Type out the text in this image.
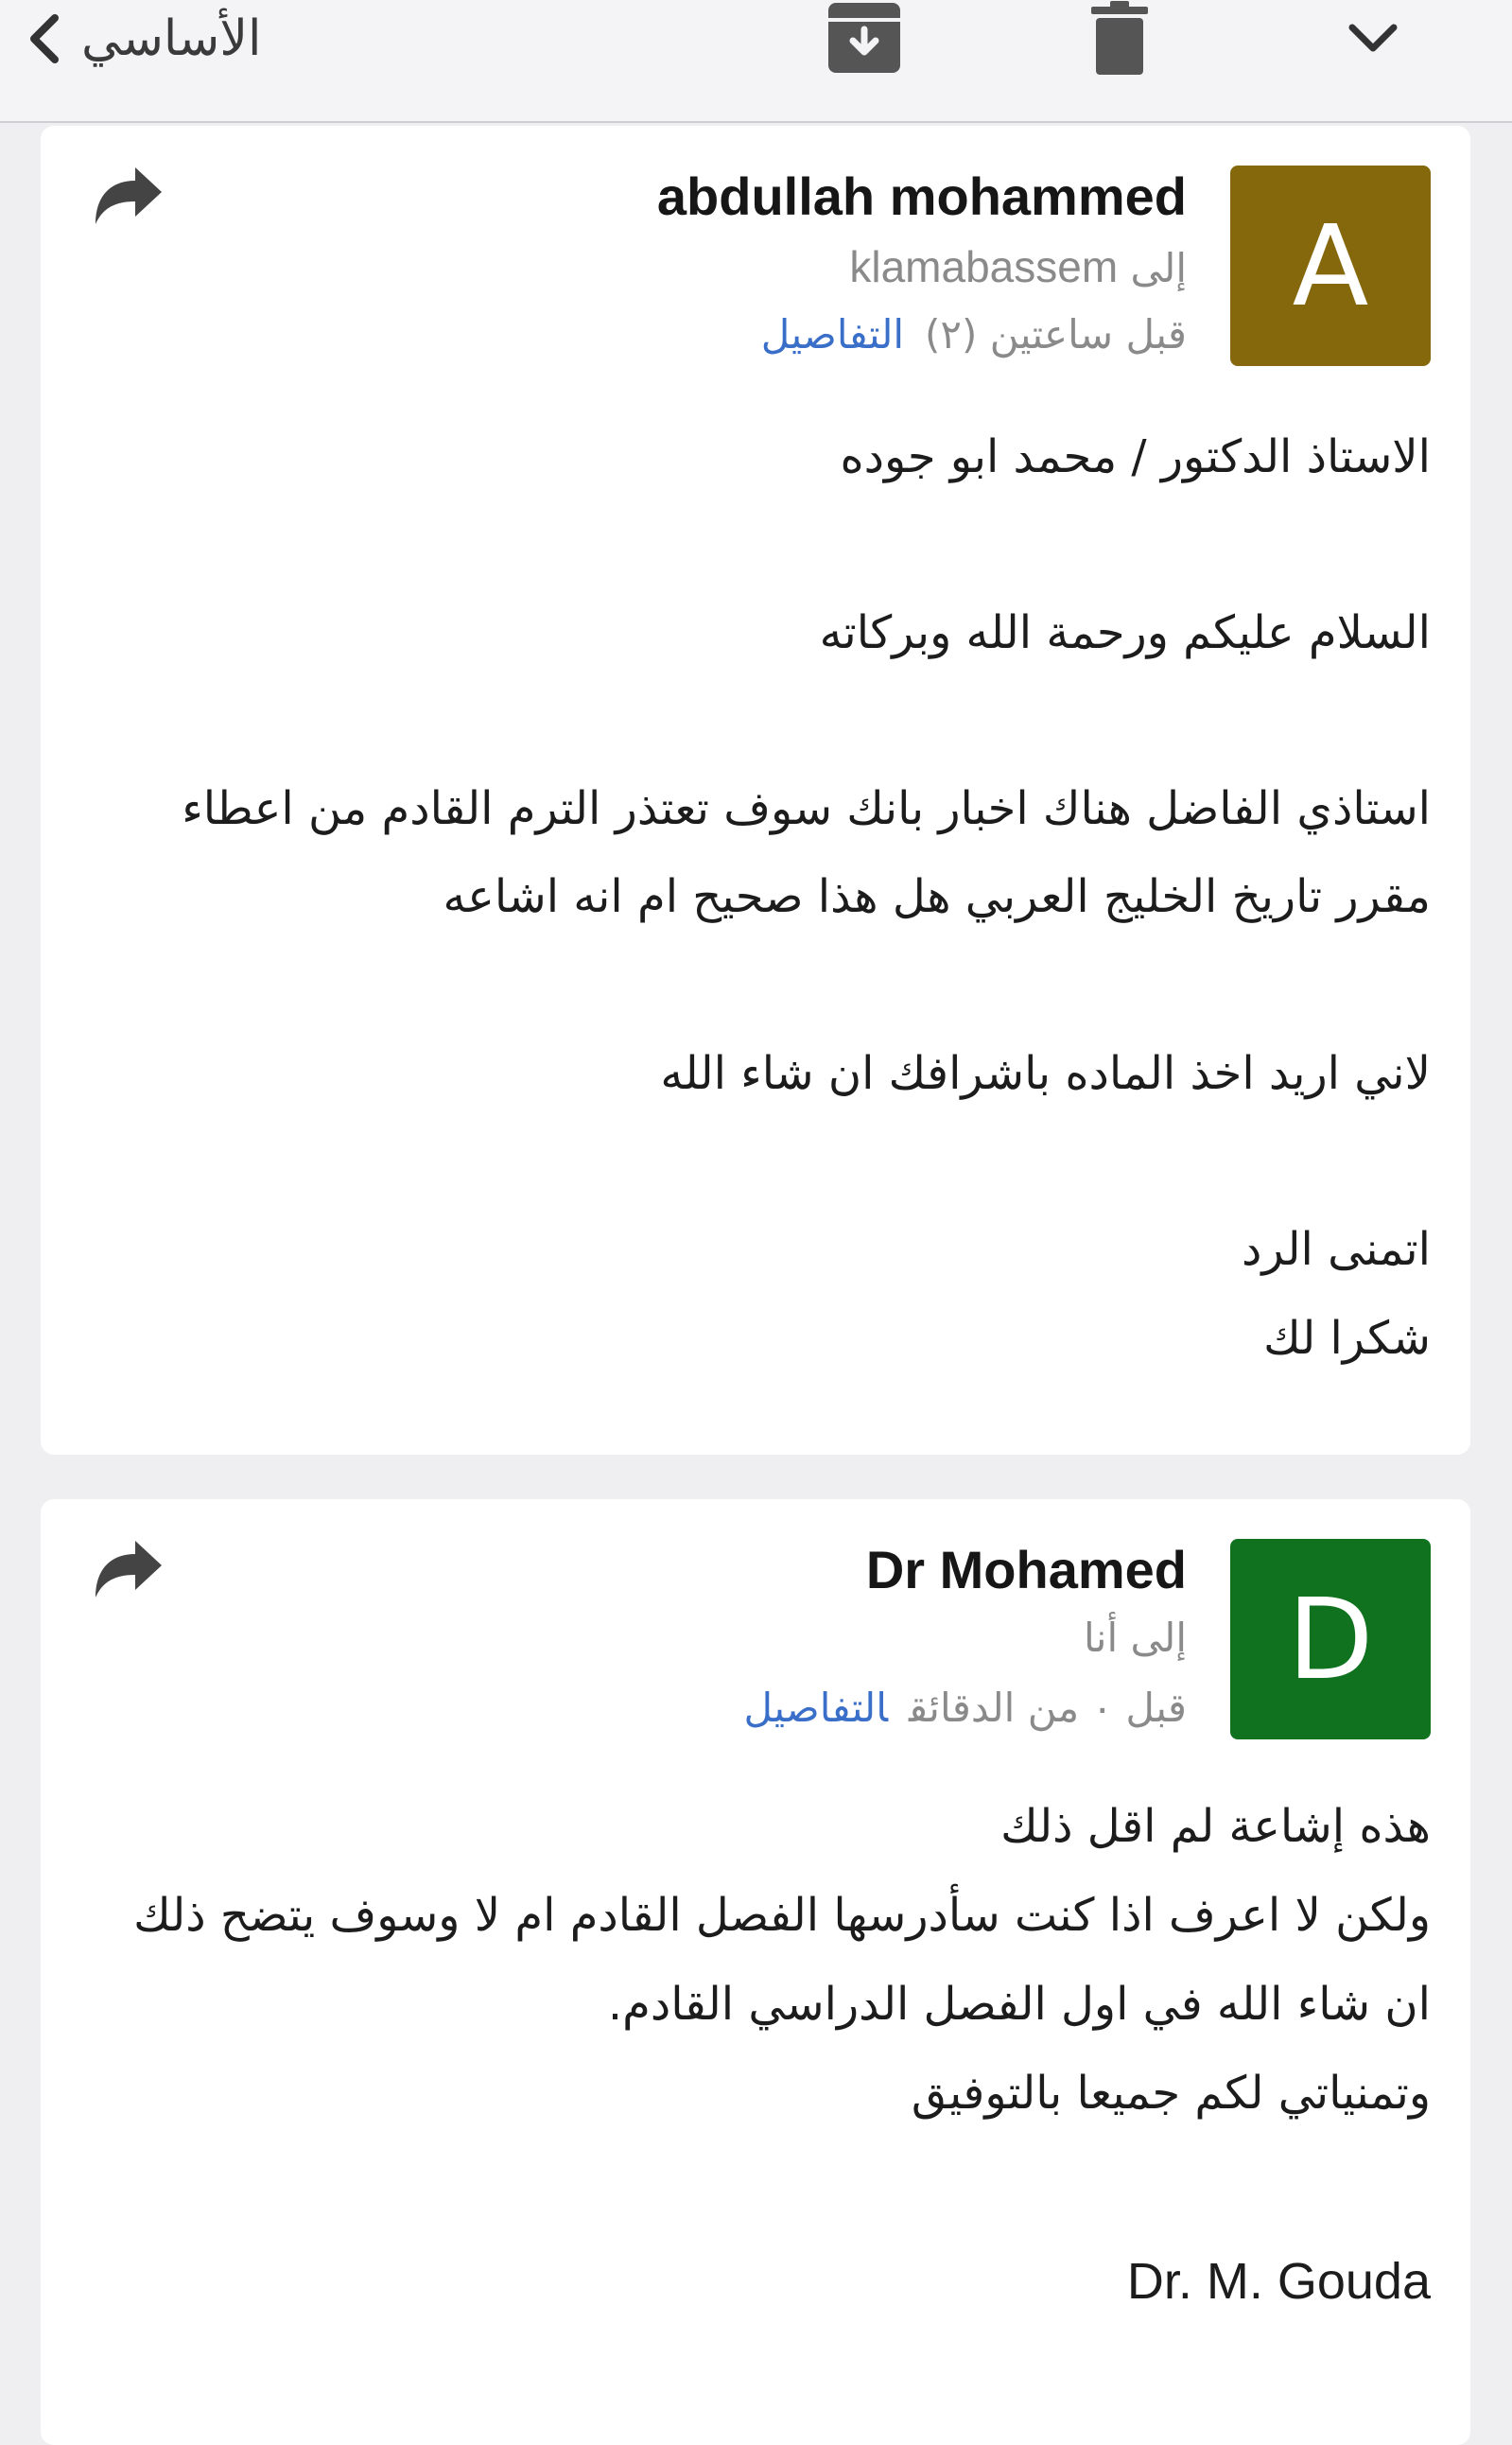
الأساسي
A
abdullah mohammed
إلى klamabassem
قبل ساعتين (٢)التفاصيل

الاستاذ الدكتور / محمد ابو جوده

السلام عليكم ورحمة الله وبركاته

استاذي الفاضل هناك اخبار بانك سوف تعتذر الترم القادم من اعطاء

مقرر تاريخ الخليج العربي هل هذا صحيح ام انه اشاعه

لاني اريد اخذ الماده باشرافك ان شاء الله

اتمنى الرد

شكرا لك

D
Dr Mohamed
إلى أنا
قبل ٠ من الدقائقالتفاصيل

هذه إشاعة لم اقل ذلك

ولكن لا اعرف اذا كنت سأدرسها الفصل القادم ام لا وسوف يتضح ذلك

ان شاء الله في اول الفصل الدراسي القادم.

وتمنياتي لكم جميعا بالتوفيق

Dr. M. Gouda
